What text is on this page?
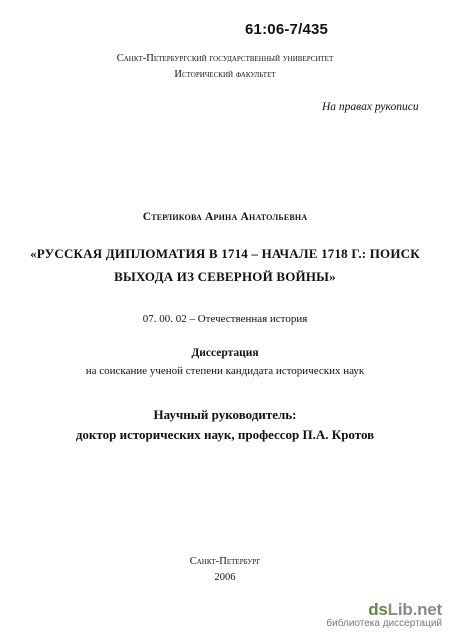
61:06-7/435
Санкт-Петербургский государственный университет
Исторический факультет
На правах рукописи
Стерликова Арина Анатольевна
«РУССКАЯ ДИПЛОМАТИЯ В 1714 – НАЧАЛЕ 1718 Г.: ПОИСК
ВЫХОДА ИЗ СЕВЕРНОЙ ВОЙНЫ»
07. 00. 02 – Отечественная история
Диссертация
на соискание ученой степени кандидата исторических наук
Научный руководитель:
доктор исторических наук, профессор П.А. Кротов
Санкт-Петербург
2006
dsLib.net
библиотека диссертаций
